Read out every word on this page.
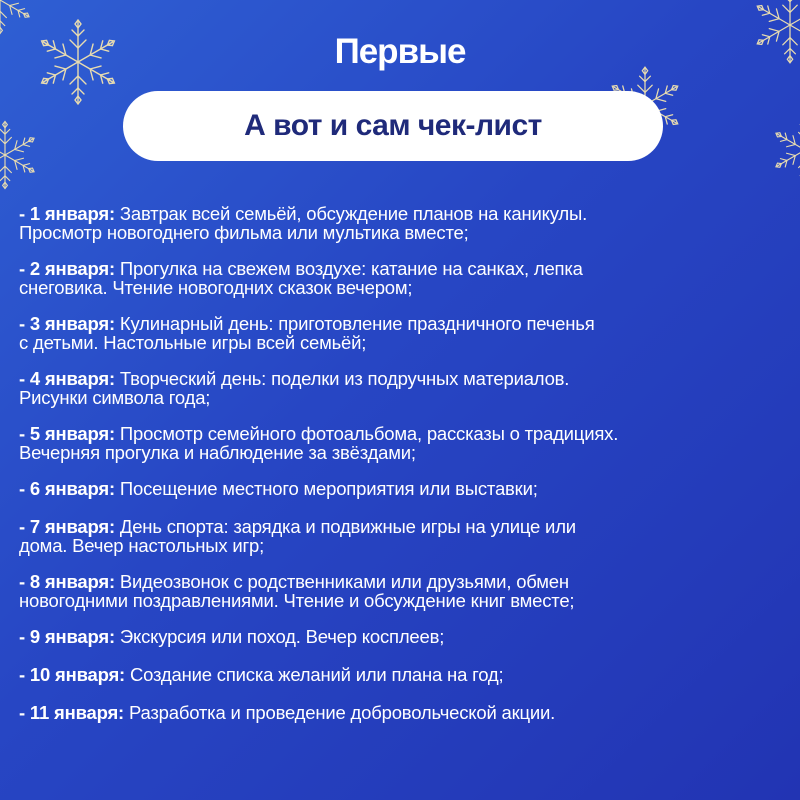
Первые
А вот и сам чек-лист
- 1 января: Завтрак всей семьёй, обсуждение планов на каникулы.
Просмотр новогоднего фильма или мультика вместе;
- 2 января: Прогулка на свежем воздухе: катание на санках, лепка
снеговика. Чтение новогодних сказок вечером;
- 3 января: Кулинарный день: приготовление праздничного печенья
с детьми. Настольные игры всей семьёй;
- 4 января: Творческий день: поделки из подручных материалов.
Рисунки символа года;
- 5 января: Просмотр семейного фотоальбома, рассказы о традициях.
Вечерняя прогулка и наблюдение за звёздами;
- 6 января: Посещение местного мероприятия или выставки;
- 7 января: День спорта: зарядка и подвижные игры на улице или
дома. Вечер настольных игр;
- 8 января: Видеозвонок с родственниками или друзьями, обмен
новогодними поздравлениями. Чтение и обсуждение книг вместе;
- 9 января: Экскурсия или поход. Вечер косплеев;
- 10 января: Создание списка желаний или плана на год;
- 11 января: Разработка и проведение добровольческой акции.
